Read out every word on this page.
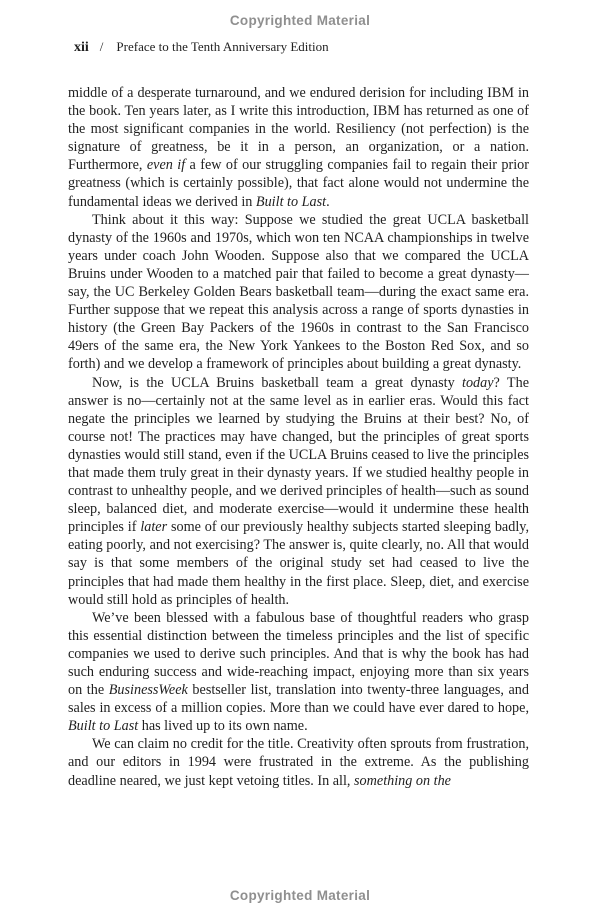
Copyrighted Material
xii / Preface to the Tenth Anniversary Edition

middle of a desperate turnaround, and we endured derision for including IBM in the book. Ten years later, as I write this introduction, IBM has returned as one of the most significant companies in the world. Resiliency (not perfection) is the signature of greatness, be it in a person, an organization, or a nation. Furthermore, even if a few of our struggling companies fail to regain their prior greatness (which is certainly possible), that fact alone would not undermine the fundamental ideas we derived in Built to Last.

Think about it this way: Suppose we studied the great UCLA basketball dynasty of the 1960s and 1970s, which won ten NCAA championships in twelve years under coach John Wooden. Suppose also that we compared the UCLA Bruins under Wooden to a matched pair that failed to become a great dynasty—say, the UC Berkeley Golden Bears basketball team—during the exact same era. Further suppose that we repeat this analysis across a range of sports dynasties in history (the Green Bay Packers of the 1960s in contrast to the San Francisco 49ers of the same era, the New York Yankees to the Boston Red Sox, and so forth) and we develop a framework of principles about building a great dynasty.

Now, is the UCLA Bruins basketball team a great dynasty today? The answer is no—certainly not at the same level as in earlier eras. Would this fact negate the principles we learned by studying the Bruins at their best? No, of course not! The practices may have changed, but the principles of great sports dynasties would still stand, even if the UCLA Bruins ceased to live the principles that made them truly great in their dynasty years. If we studied healthy people in contrast to unhealthy people, and we derived principles of health—such as sound sleep, balanced diet, and moderate exercise—would it undermine these health principles if later some of our previously healthy subjects started sleeping badly, eating poorly, and not exercising? The answer is, quite clearly, no. All that would say is that some members of the original study set had ceased to live the principles that had made them healthy in the first place. Sleep, diet, and exercise would still hold as principles of health.

We’ve been blessed with a fabulous base of thoughtful readers who grasp this essential distinction between the timeless principles and the list of specific companies we used to derive such principles. And that is why the book has had such enduring success and wide-reaching impact, enjoying more than six years on the BusinessWeek bestseller list, translation into twenty-three languages, and sales in excess of a million copies. More than we could have ever dared to hope, Built to Last has lived up to its own name.

We can claim no credit for the title. Creativity often sprouts from frustration, and our editors in 1994 were frustrated in the extreme. As the publishing deadline neared, we just kept vetoing titles. In all, something on the

Copyrighted Material
